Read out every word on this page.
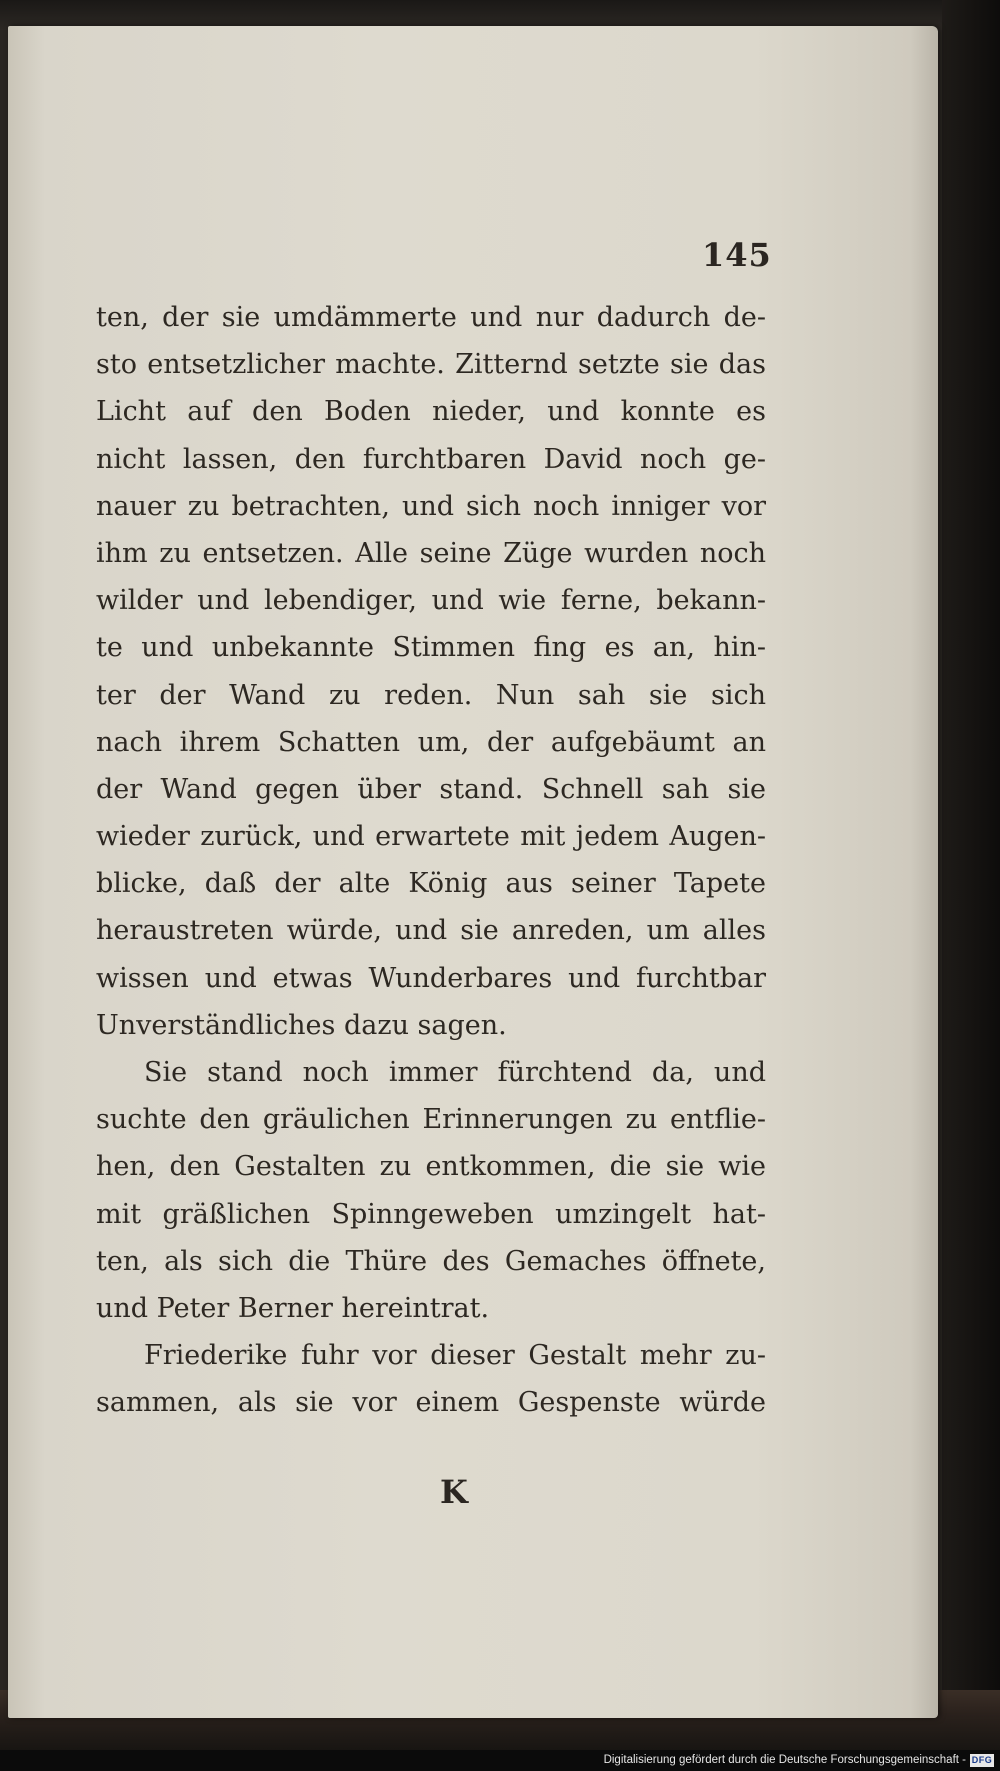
145
ten, der sie umdämmerte und nur dadurch de-
sto entsetzlicher machte. Zitternd setzte sie das
Licht auf den Boden nieder, und konnte es
nicht lassen, den furchtbaren David noch ge-
nauer zu betrachten, und sich noch inniger vor
ihm zu entsetzen. Alle seine Züge wurden noch
wilder und lebendiger, und wie ferne, bekann-
te und unbekannte Stimmen fing es an, hin-
ter der Wand zu reden. Nun sah sie sich
nach ihrem Schatten um, der aufgebäumt an
der Wand gegen über stand. Schnell sah sie
wieder zurück, und erwartete mit jedem Augen-
blicke, daß der alte König aus seiner Tapete
heraustreten würde, und sie anreden, um alles
wissen und etwas Wunderbares und furchtbar
Unverständliches dazu sagen.
Sie stand noch immer fürchtend da, und
suchte den gräulichen Erinnerungen zu entflie-
hen, den Gestalten zu entkommen, die sie wie
mit gräßlichen Spinngeweben umzingelt hat-
ten, als sich die Thüre des Gemaches öffnete,
und Peter Berner hereintrat.
Friederike fuhr vor dieser Gestalt mehr zu-
sammen, als sie vor einem Gespenste würde
K
Digitalisierung gefördert durch die Deutsche Forschungsgemeinschaft - DFG
